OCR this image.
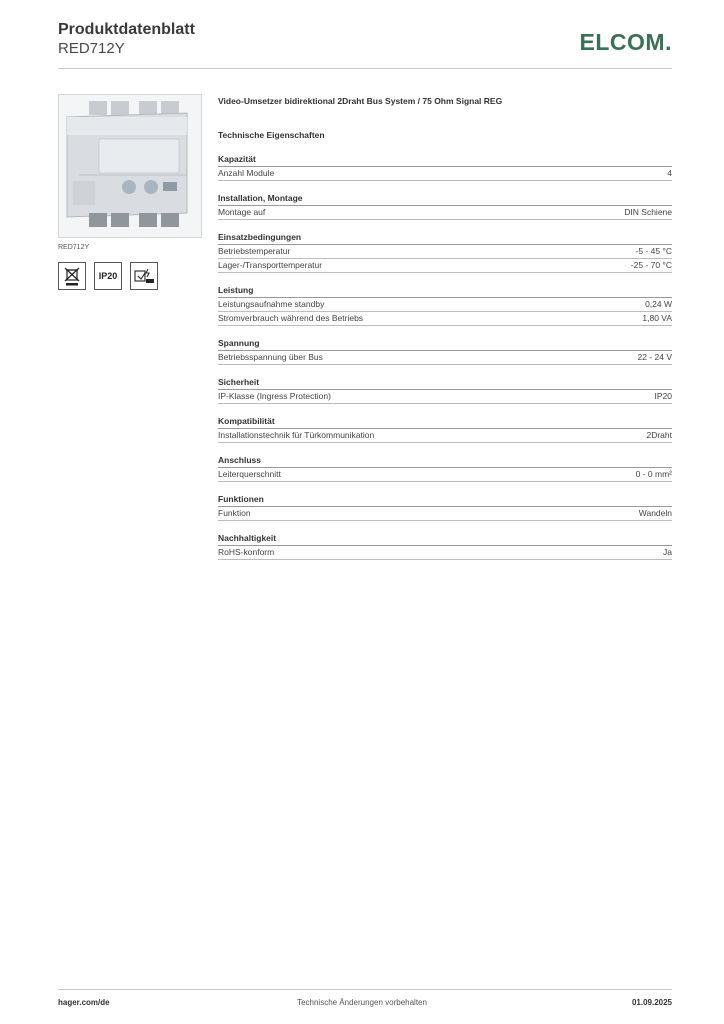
Produktdatenblatt
RED712Y	ELCOM.
RED712Y
IP20
Video-Umsetzer bidirektional 2Draht Bus System / 75 Ohm Signal REG
Technische Eigenschaften
Kapazität
Anzahl Module	4
Installation, Montage
Montage auf	DIN Schiene
Einsatzbedingungen
Betriebstemperatur	-5 - 45 °C
Lager-/Transporttemperatur	-25 - 70 °C
Leistung
Leistungsaufnahme standby	0,24 W
Stromverbrauch während des Betriebs	1,80 VA
Spannung
Betriebsspannung über Bus	22 - 24 V
Sicherheit
IP-Klasse (Ingress Protection)	IP20
Kompatibilität
Installationstechnik für Türkommunikation	2Draht
Anschluss
Leiterquerschnitt	0 - 0 mm²
Funktionen
Funktion	Wandeln
Nachhaltigkeit
RoHS-konform	Ja
hager.com/de	Technische Änderungen vorbehalten	01.09.2025
